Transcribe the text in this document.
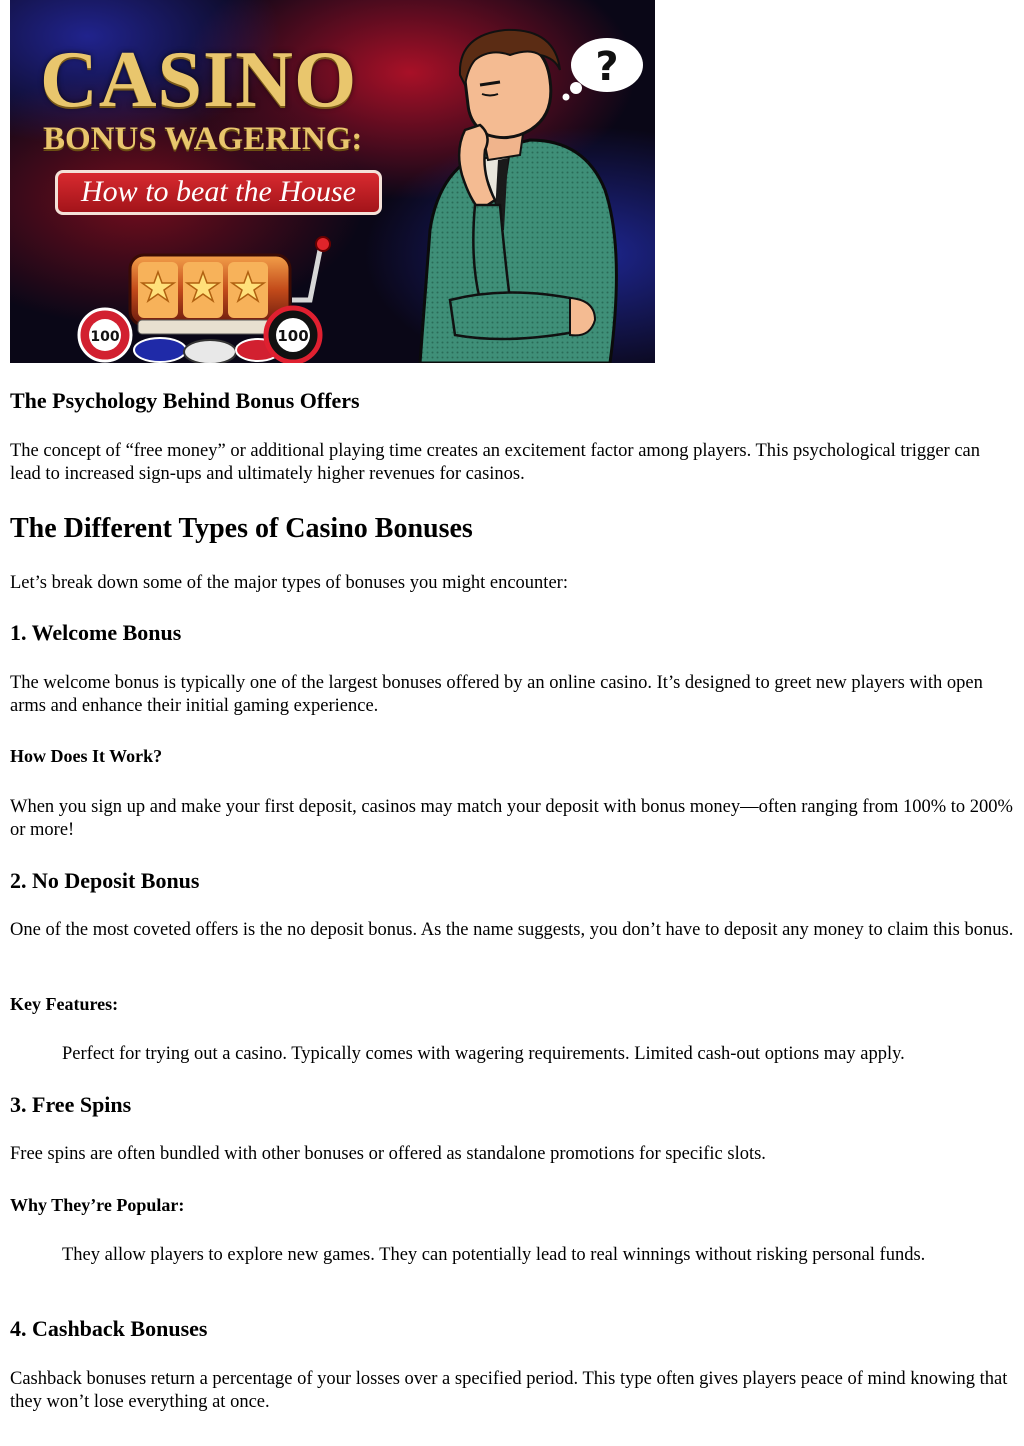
?
100	100
CASINO
BONUS WAGERING:
How to beat the House
The Psychology Behind Bonus Offers

The concept of “free money” or additional playing time creates an excitement factor among players. This psychological trigger can lead to increased sign-ups and ultimately higher revenues for casinos.

The Different Types of Casino Bonuses

Let’s break down some of the major types of bonuses you might encounter:

1. Welcome Bonus

The welcome bonus is typically one of the largest bonuses offered by an online casino. It’s designed to greet new players with open arms and enhance their initial gaming experience.

How Does It Work?

When you sign up and make your first deposit, casinos may match your deposit with bonus money—often ranging from 100% to 200% or more!

2. No Deposit Bonus

One of the most coveted offers is the no deposit bonus. As the name suggests, you don’t have to deposit any money to claim this bonus.

Key Features:

Perfect for trying out a casino. Typically comes with wagering requirements. Limited cash-out options may apply.

3. Free Spins

Free spins are often bundled with other bonuses or offered as standalone promotions for specific slots.

Why They’re Popular:

They allow players to explore new games. They can potentially lead to real winnings without risking personal funds.

4. Cashback Bonuses

Cashback bonuses return a percentage of your losses over a specified period. This type often gives players peace of mind knowing that they won’t lose everything at once.
